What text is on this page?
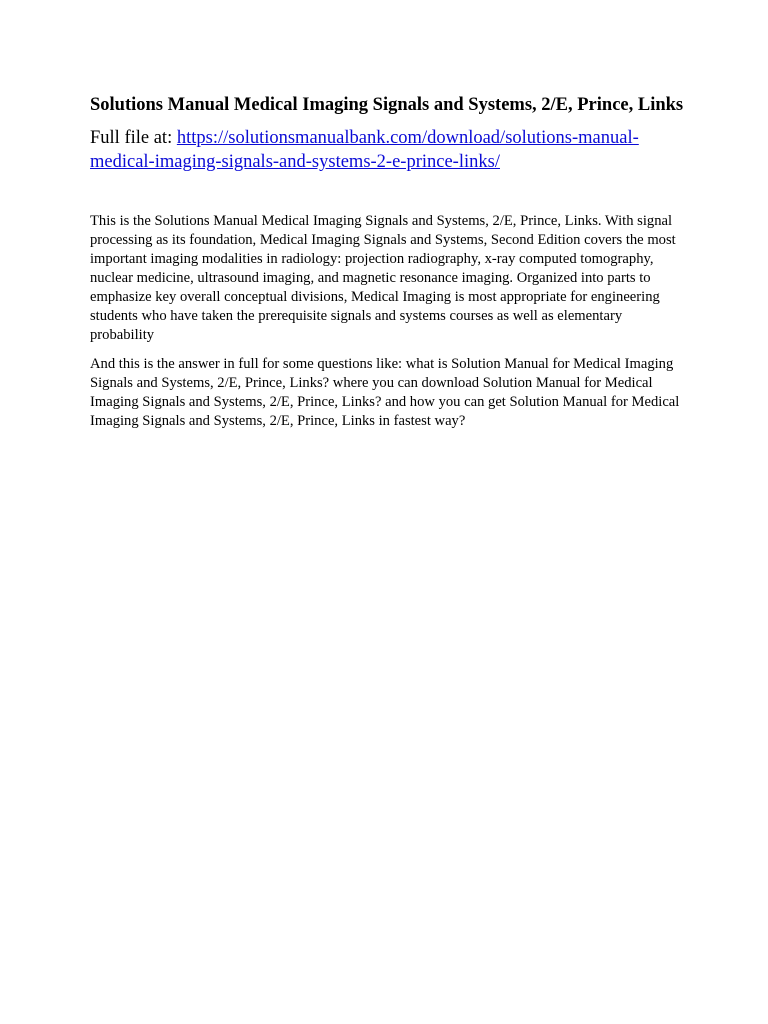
Solutions Manual Medical Imaging Signals and Systems, 2/E, Prince, Links

Full file at: https://solutionsmanualbank.com/download/solutions-manual-medical-imaging-signals-and-systems-2-e-prince-links/

This is the Solutions Manual Medical Imaging Signals and Systems, 2/E, Prince, Links. With signal processing as its foundation, Medical Imaging Signals and Systems, Second Edition covers the most important imaging modalities in radiology: projection radiography, x-ray computed tomography, nuclear medicine, ultrasound imaging, and magnetic resonance imaging. Organized into parts to emphasize key overall conceptual divisions, Medical Imaging is most appropriate for engineering students who have taken the prerequisite signals and systems courses as well as elementary probability

And this is the answer in full for some questions like: what is Solution Manual for Medical Imaging Signals and Systems, 2/E, Prince, Links? where you can download Solution Manual for Medical Imaging Signals and Systems, 2/E, Prince, Links? and how you can get Solution Manual for Medical Imaging Signals and Systems, 2/E, Prince, Links in fastest way?
